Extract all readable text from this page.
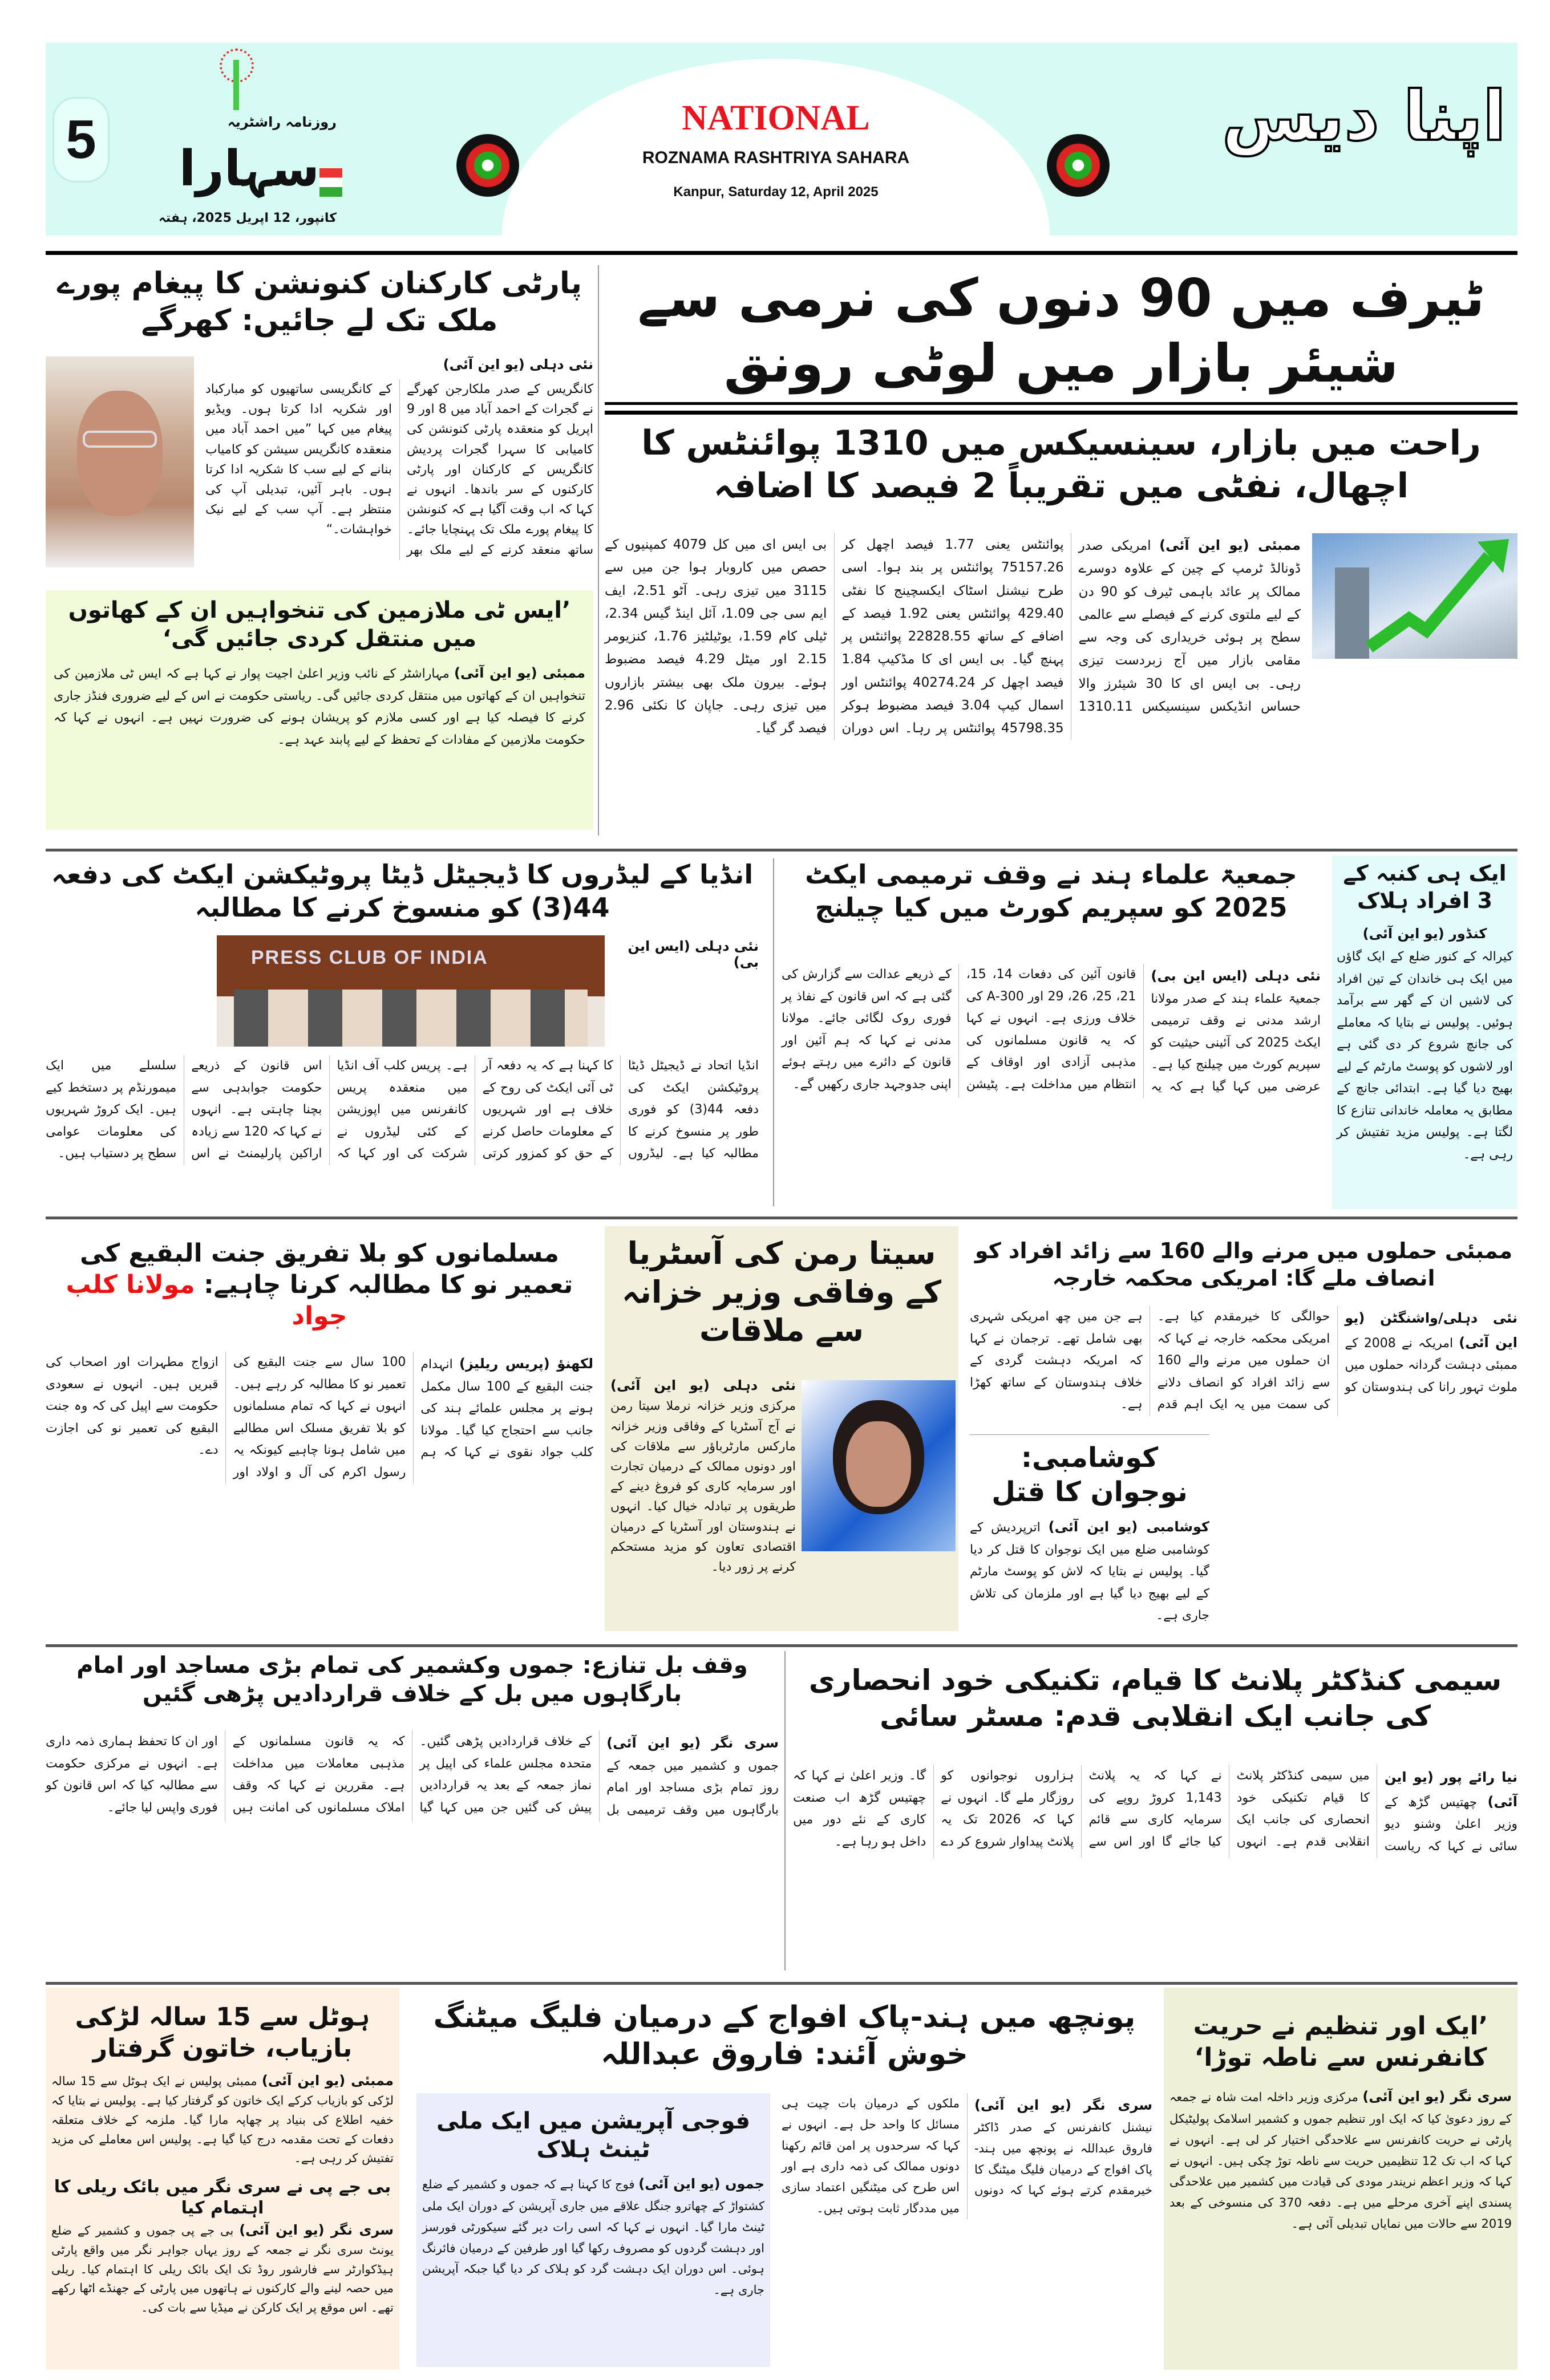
5	روزنامہ راشٹریہ
سہارا
کانپور، 12 اپریل 2025، ہفتہ
NATIONAL
ROZNAMA RASHTRIYA SAHARA
Kanpur, Saturday 12, April 2025
اپنا دیس
پارٹی کارکنان کنونشن کا پیغام پورے ملک تک لے جائیں: کھرگے
نئی دہلی (یو این آئی)
کانگریس کے صدر ملکارجن کھرگے نے گجرات کے احمد آباد میں 8 اور 9 اپریل کو منعقدہ پارٹی کنونشن کی کامیابی کا سہرا گجرات پردیش کانگریس کے کارکنان اور پارٹی کارکنوں کے سر باندھا۔ انہوں نے کہا کہ اب وقت آگیا ہے کہ کنونشن کا پیغام پورے ملک تک پہنچایا جائے۔ ساتھ منعقد کرنے کے لیے ملک بھر کے کانگریسی ساتھیوں کو مبارکباد اور شکریہ ادا کرتا ہوں۔ ویڈیو پیغام میں کہا ”میں احمد آباد میں منعقدہ کانگریس سیشن کو کامیاب بنانے کے لیے سب کا شکریہ ادا کرتا ہوں۔ باہر آئیں، تبدیلی آپ کی منتظر ہے۔ آپ سب کے لیے نیک خواہشات۔“
’ایس ٹی ملازمین کی تنخواہیں ان کے کھاتوں میں منتقل کردی جائیں گی‘
ممبئی (یو این آئی) مہاراشٹر کے نائب وزیر اعلیٰ اجیت پوار نے کہا ہے کہ ایس ٹی ملازمین کی تنخواہیں ان کے کھاتوں میں منتقل کردی جائیں گی۔ ریاستی حکومت نے اس کے لیے ضروری فنڈز جاری کرنے کا فیصلہ کیا ہے اور کسی ملازم کو پریشان ہونے کی ضرورت نہیں ہے۔ انہوں نے کہا کہ حکومت ملازمین کے مفادات کے تحفظ کے لیے پابند عہد ہے۔
ٹیرف میں 90 دنوں کی نرمی سے شیئر بازار میں لوٹی رونق
راحت میں بازار، سینسیکس میں 1310 پوائنٹس کا اچھال، نفٹی میں تقریباً 2 فیصد کا اضافہ
ممبئی (یو این آئی) امریکی صدر ڈونالڈ ٹرمپ کے چین کے علاوہ دوسرے ممالک پر عائد باہمی ٹیرف کو 90 دن کے لیے ملتوی کرنے کے فیصلے سے عالمی سطح پر ہوئی خریداری کی وجہ سے مقامی بازار میں آج زبردست تیزی رہی۔ بی ایس ای کا 30 شیئرز والا حساس انڈیکس سینسیکس 1310.11 پوائنٹس یعنی 1.77 فیصد اچھل کر 75157.26 پوائنٹس پر بند ہوا۔ اسی طرح نیشنل اسٹاک ایکسچینج کا نفٹی 429.40 پوائنٹس یعنی 1.92 فیصد کے اضافے کے ساتھ 22828.55 پوائنٹس پر پہنچ گیا۔ بی ایس ای کا مڈکیپ 1.84 فیصد اچھل کر 40274.24 پوائنٹس اور اسمال کیپ 3.04 فیصد مضبوط ہوکر 45798.35 پوائنٹس پر رہا۔ اس دوران بی ایس ای میں کل 4079 کمپنیوں کے حصص میں کاروبار ہوا جن میں سے 3115 میں تیزی رہی۔ آٹو 2.51، ایف ایم سی جی 1.09، آئل اینڈ گیس 2.34، ٹیلی کام 1.59، یوٹیلٹیز 1.76، کنزیومر 2.15 اور میٹل 4.29 فیصد مضبوط ہوئے۔ بیرون ملک بھی بیشتر بازاروں میں تیزی رہی۔ جاپان کا نکئی 2.96 فیصد گر گیا۔
انڈیا کے لیڈروں کا ڈیجیٹل ڈیٹا پروٹیکشن ایکٹ کی دفعہ 44(3) کو منسوخ کرنے کا مطالبہ
PRESS CLUB OF INDIA
نئی دہلی (ایس این بی)
انڈیا اتحاد نے ڈیجیٹل ڈیٹا پروٹیکشن ایکٹ کی دفعہ 44(3) کو فوری طور پر منسوخ کرنے کا مطالبہ کیا ہے۔ لیڈروں کا کہنا ہے کہ یہ دفعہ آر ٹی آئی ایکٹ کی روح کے خلاف ہے اور شہریوں کے معلومات حاصل کرنے کے حق کو کمزور کرتی ہے۔ پریس کلب آف انڈیا میں منعقدہ پریس کانفرنس میں اپوزیشن کے کئی لیڈروں نے شرکت کی اور کہا کہ اس قانون کے ذریعے حکومت جوابدہی سے بچنا چاہتی ہے۔ انہوں نے کہا کہ 120 سے زیادہ اراکین پارلیمنٹ نے اس سلسلے میں ایک میمورنڈم پر دستخط کیے ہیں۔ ایک کروڑ شہریوں کی معلومات عوامی سطح پر دستیاب ہیں۔
جمعیۃ علماء ہند نے وقف ترمیمی ایکٹ 2025 کو سپریم کورٹ میں کیا چیلنج
نئی دہلی (ایس این بی) جمعیۃ علماء ہند کے صدر مولانا ارشد مدنی نے وقف ترمیمی ایکٹ 2025 کی آئینی حیثیت کو سپریم کورٹ میں چیلنج کیا ہے۔ عرضی میں کہا گیا ہے کہ یہ قانون آئین کی دفعات 14، 15، 21، 25، 26، 29 اور 300-A کی خلاف ورزی ہے۔ انہوں نے کہا کہ یہ قانون مسلمانوں کی مذہبی آزادی اور اوقاف کے انتظام میں مداخلت ہے۔ پٹیشن کے ذریعے عدالت سے گزارش کی گئی ہے کہ اس قانون کے نفاذ پر فوری روک لگائی جائے۔ مولانا مدنی نے کہا کہ ہم آئین اور قانون کے دائرے میں رہتے ہوئے اپنی جدوجہد جاری رکھیں گے۔
ایک ہی کنبہ کے 3 افراد ہلاک
کنڈور (یو این آئی)
کیرالہ کے کنور ضلع کے ایک گاؤں میں ایک ہی خاندان کے تین افراد کی لاشیں ان کے گھر سے برآمد ہوئیں۔ پولیس نے بتایا کہ معاملے کی جانچ شروع کر دی گئی ہے اور لاشوں کو پوسٹ مارٹم کے لیے بھیج دیا گیا ہے۔ ابتدائی جانچ کے مطابق یہ معاملہ خاندانی تنازع کا لگتا ہے۔ پولیس مزید تفتیش کر رہی ہے۔
مسلمانوں کو بلا تفریق جنت البقیع کی تعمیر نو کا مطالبہ کرنا چاہیے: مولانا کلب جواد
لکھنؤ (پریس ریلیز) انہدام جنت البقیع کے 100 سال مکمل ہونے پر مجلس علمائے ہند کی جانب سے احتجاج کیا گیا۔ مولانا کلب جواد نقوی نے کہا کہ ہم 100 سال سے جنت البقیع کی تعمیر نو کا مطالبہ کر رہے ہیں۔ انہوں نے کہا کہ تمام مسلمانوں کو بلا تفریق مسلک اس مطالبے میں شامل ہونا چاہیے کیونکہ یہ رسول اکرم کی آل و اولاد اور ازواج مطہرات اور اصحاب کی قبریں ہیں۔ انہوں نے سعودی حکومت سے اپیل کی کہ وہ جنت البقیع کی تعمیر نو کی اجازت دے۔
سیتا رمن کی آسٹریا کے وفاقی وزیر خزانہ سے ملاقات
نئی دہلی (یو این آئی) مرکزی وزیر خزانہ نرملا سیتا رمن نے آج آسٹریا کے وفاقی وزیر خزانہ مارکس مارٹرباؤر سے ملاقات کی اور دونوں ممالک کے درمیان تجارت اور سرمایہ کاری کو فروغ دینے کے طریقوں پر تبادلہ خیال کیا۔ انہوں نے ہندوستان اور آسٹریا کے درمیان اقتصادی تعاون کو مزید مستحکم کرنے پر زور دیا۔
ممبئی حملوں میں مرنے والے 160 سے زائد افراد کو انصاف ملے گا: امریکی محکمہ خارجہ
نئی دہلی/واشنگٹن (یو این آئی) امریکہ نے 2008 کے ممبئی دہشت گردانہ حملوں میں ملوث تہور رانا کی ہندوستان کو حوالگی کا خیرمقدم کیا ہے۔ امریکی محکمہ خارجہ نے کہا کہ ان حملوں میں مرنے والے 160 سے زائد افراد کو انصاف دلانے کی سمت میں یہ ایک اہم قدم ہے جن میں چھ امریکی شہری بھی شامل تھے۔ ترجمان نے کہا کہ امریکہ دہشت گردی کے خلاف ہندوستان کے ساتھ کھڑا ہے۔
کوشامبی: نوجوان کا قتل
کوشامبی (یو این آئی) اترپردیش کے کوشامبی ضلع میں ایک نوجوان کا قتل کر دیا گیا۔ پولیس نے بتایا کہ لاش کو پوسٹ مارٹم کے لیے بھیج دیا گیا ہے اور ملزمان کی تلاش جاری ہے۔
وقف بل تنازع: جموں وکشمیر کی تمام بڑی مساجد اور امام بارگاہوں میں بل کے خلاف قراردادیں پڑھی گئیں
سری نگر (یو این آئی) جموں و کشمیر میں جمعہ کے روز تمام بڑی مساجد اور امام بارگاہوں میں وقف ترمیمی بل کے خلاف قراردادیں پڑھی گئیں۔ متحدہ مجلس علماء کی اپیل پر نماز جمعہ کے بعد یہ قراردادیں پیش کی گئیں جن میں کہا گیا کہ یہ قانون مسلمانوں کے مذہبی معاملات میں مداخلت ہے۔ مقررین نے کہا کہ وقف املاک مسلمانوں کی امانت ہیں اور ان کا تحفظ ہماری ذمہ داری ہے۔ انہوں نے مرکزی حکومت سے مطالبہ کیا کہ اس قانون کو فوری واپس لیا جائے۔
سیمی کنڈکٹر پلانٹ کا قیام، تکنیکی خود انحصاری کی جانب ایک انقلابی قدم: مسٹر سائی
نیا رائے پور (یو این آئی) چھتیس گڑھ کے وزیر اعلیٰ وشنو دیو سائی نے کہا کہ ریاست میں سیمی کنڈکٹر پلانٹ کا قیام تکنیکی خود انحصاری کی جانب ایک انقلابی قدم ہے۔ انہوں نے کہا کہ یہ پلانٹ 1,143 کروڑ روپے کی سرمایہ کاری سے قائم کیا جائے گا اور اس سے ہزاروں نوجوانوں کو روزگار ملے گا۔ انہوں نے کہا کہ 2026 تک یہ پلانٹ پیداوار شروع کر دے گا۔ وزیر اعلیٰ نے کہا کہ چھتیس گڑھ اب صنعت کاری کے نئے دور میں داخل ہو رہا ہے۔
ہوٹل سے 15 سالہ لڑکی بازیاب، خاتون گرفتار
ممبئی (یو این آئی) ممبئی پولیس نے ایک ہوٹل سے 15 سالہ لڑکی کو بازیاب کرکے ایک خاتون کو گرفتار کیا ہے۔ پولیس نے بتایا کہ خفیہ اطلاع کی بنیاد پر چھاپہ مارا گیا۔ ملزمہ کے خلاف متعلقہ دفعات کے تحت مقدمہ درج کیا گیا ہے۔ پولیس اس معاملے کی مزید تفتیش کر رہی ہے۔
بی جے پی نے سری نگر میں بائک ریلی کا اہتمام کیا
سری نگر (یو این آئی) بی جے پی جموں و کشمیر کے ضلع یونٹ سری نگر نے جمعہ کے روز یہاں جواہر نگر میں واقع پارٹی ہیڈکوارٹر سے فارشور روڈ تک ایک بائک ریلی کا اہتمام کیا۔ ریلی میں حصہ لینے والے کارکنوں نے ہاتھوں میں پارٹی کے جھنڈے اٹھا رکھے تھے۔ اس موقع پر ایک کارکن نے میڈیا سے بات کی۔
پونچھ میں ہند-پاک افواج کے درمیان فلیگ میٹنگ خوش آئند: فاروق عبداللہ
فوجی آپریشن میں ایک ملی ٹینٹ ہلاک
جموں (یو این آئی) فوج کا کہنا ہے کہ جموں و کشمیر کے ضلع کشتواڑ کے چھاترو جنگل علاقے میں جاری آپریشن کے دوران ایک ملی ٹینٹ مارا گیا۔ انہوں نے کہا کہ اسی رات دیر گئے سیکورٹی فورسز اور دہشت گردوں کو مصروف رکھا گیا اور طرفین کے درمیان فائرنگ ہوئی۔ اس دوران ایک دہشت گرد کو ہلاک کر دیا گیا جبکہ آپریشن جاری ہے۔
سری نگر (یو این آئی) نیشنل کانفرنس کے صدر ڈاکٹر فاروق عبداللہ نے پونچھ میں ہند-پاک افواج کے درمیان فلیگ میٹنگ کا خیرمقدم کرتے ہوئے کہا کہ دونوں ملکوں کے درمیان بات چیت ہی مسائل کا واحد حل ہے۔ انہوں نے کہا کہ سرحدوں پر امن قائم رکھنا دونوں ممالک کی ذمہ داری ہے اور اس طرح کی میٹنگیں اعتماد سازی میں مددگار ثابت ہوتی ہیں۔
’ایک اور تنظیم نے حریت کانفرنس سے ناطہ توڑا‘
سری نگر (یو این آئی) مرکزی وزیر داخلہ امت شاہ نے جمعہ کے روز دعویٰ کیا کہ ایک اور تنظیم جموں و کشمیر اسلامک پولیٹیکل پارٹی نے حریت کانفرنس سے علاحدگی اختیار کر لی ہے۔ انہوں نے کہا کہ اب تک 12 تنظیمیں حریت سے ناطہ توڑ چکی ہیں۔ انہوں نے کہا کہ وزیر اعظم نریندر مودی کی قیادت میں کشمیر میں علاحدگی پسندی اپنے آخری مرحلے میں ہے۔ دفعہ 370 کی منسوخی کے بعد 2019 سے حالات میں نمایاں تبدیلی آئی ہے۔
